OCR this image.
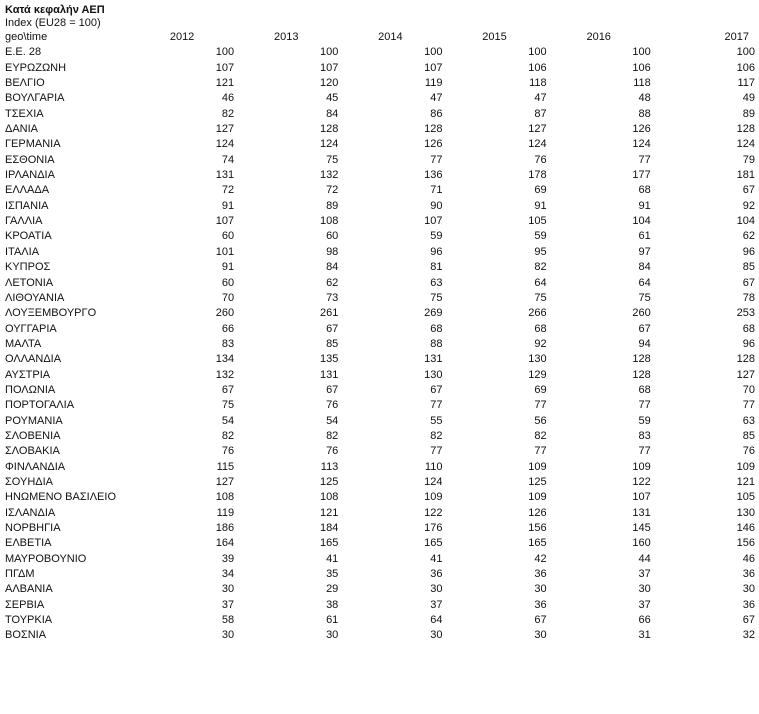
Κατά κεφαλήν ΑΕΠ
Index (EU28 = 100)
geo\time	2012	2013	2014	2015	2016	2017
Ε.Ε. 28	100	100	100	100	100	100
ΕΥΡΩΖΩΝΗ	107	107	107	106	106	106
ΒΕΛΓΙΟ	121	120	119	118	118	117
ΒΟΥΛΓΑΡΙΑ	46	45	47	47	48	49
ΤΣΕΧΙΑ	82	84	86	87	88	89
ΔΑΝΙΑ	127	128	128	127	126	128
ΓΕΡΜΑΝΙΑ	124	124	126	124	124	124
ΕΣΘΟΝΙΑ	74	75	77	76	77	79
ΙΡΛΑΝΔΙΑ	131	132	136	178	177	181
ΕΛΛΑΔΑ	72	72	71	69	68	67
ΙΣΠΑΝΙΑ	91	89	90	91	91	92
ΓΑΛΛΙΑ	107	108	107	105	104	104
ΚΡΟΑΤΙΑ	60	60	59	59	61	62
ΙΤΑΛΙΑ	101	98	96	95	97	96
ΚΥΠΡΟΣ	91	84	81	82	84	85
ΛΕΤΟΝΙΑ	60	62	63	64	64	67
ΛΙΘΟΥΑΝΙΑ	70	73	75	75	75	78
ΛΟΥΞΕΜΒΟΥΡΓΟ	260	261	269	266	260	253
ΟΥΓΓΑΡΙΑ	66	67	68	68	67	68
ΜΑΛΤΑ	83	85	88	92	94	96
ΟΛΛΑΝΔΙΑ	134	135	131	130	128	128
ΑΥΣΤΡΙΑ	132	131	130	129	128	127
ΠΟΛΩΝΙΑ	67	67	67	69	68	70
ΠΟΡΤΟΓΑΛΙΑ	75	76	77	77	77	77
ΡΟΥΜΑΝΙΑ	54	54	55	56	59	63
ΣΛΟΒΕΝΙΑ	82	82	82	82	83	85
ΣΛΟΒΑΚΙΑ	76	76	77	77	77	76
ΦΙΝΛΑΝΔΙΑ	115	113	110	109	109	109
ΣΟΥΗΔΙΑ	127	125	124	125	122	121
ΗΝΩΜΕΝΟ ΒΑΣΙΛΕΙΟ	108	108	109	109	107	105
ΙΣΛΑΝΔΙΑ	119	121	122	126	131	130
ΝΟΡΒΗΓΙΑ	186	184	176	156	145	146
ΕΛΒΕΤΙΑ	164	165	165	165	160	156
ΜΑΥΡΟΒΟΥΝΙΟ	39	41	41	42	44	46
ΠΓΔΜ	34	35	36	36	37	36
ΑΛΒΑΝΙΑ	30	29	30	30	30	30
ΣΕΡΒΙΑ	37	38	37	36	37	36
ΤΟΥΡΚΙΑ	58	61	64	67	66	67
ΒΟΣΝΙΑ	30	30	30	30	31	32
